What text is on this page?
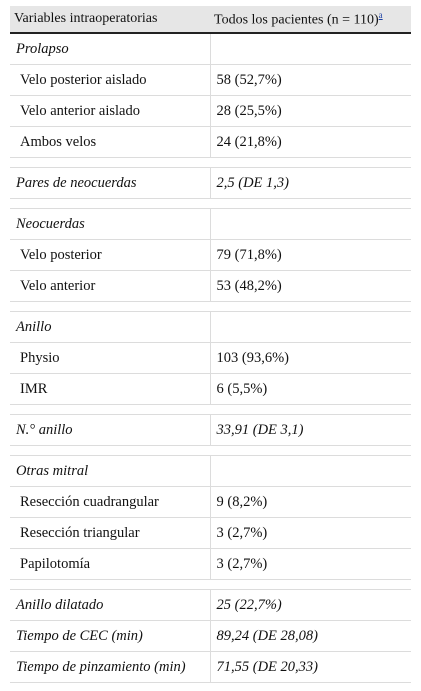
Variables intraoperatorias	Todos los pacientes (n = 110)$^a$
Prolapso	
Velo posterior aislado	58 (52,7%)
Velo anterior aislado	28 (25,5%)
Ambos velos	24 (21,8%)

Pares de neocuerdas	2,5 (DE 1,3)

Neocuerdas	
Velo posterior	79 (71,8%)
Velo anterior	53 (48,2%)

Anillo	
Physio	103 (93,6%)
IMR	6 (5,5%)

N.° anillo	33,91 (DE 3,1)

Otras mitral	
Resección cuadrangular	9 (8,2%)
Resección triangular	3 (2,7%)
Papilotomía	3 (2,7%)

Anillo dilatado	25 (22,7%)
Tiempo de CEC (min)	89,24 (DE 28,08)
Tiempo de pinzamiento (min)	71,55 (DE 20,33)
